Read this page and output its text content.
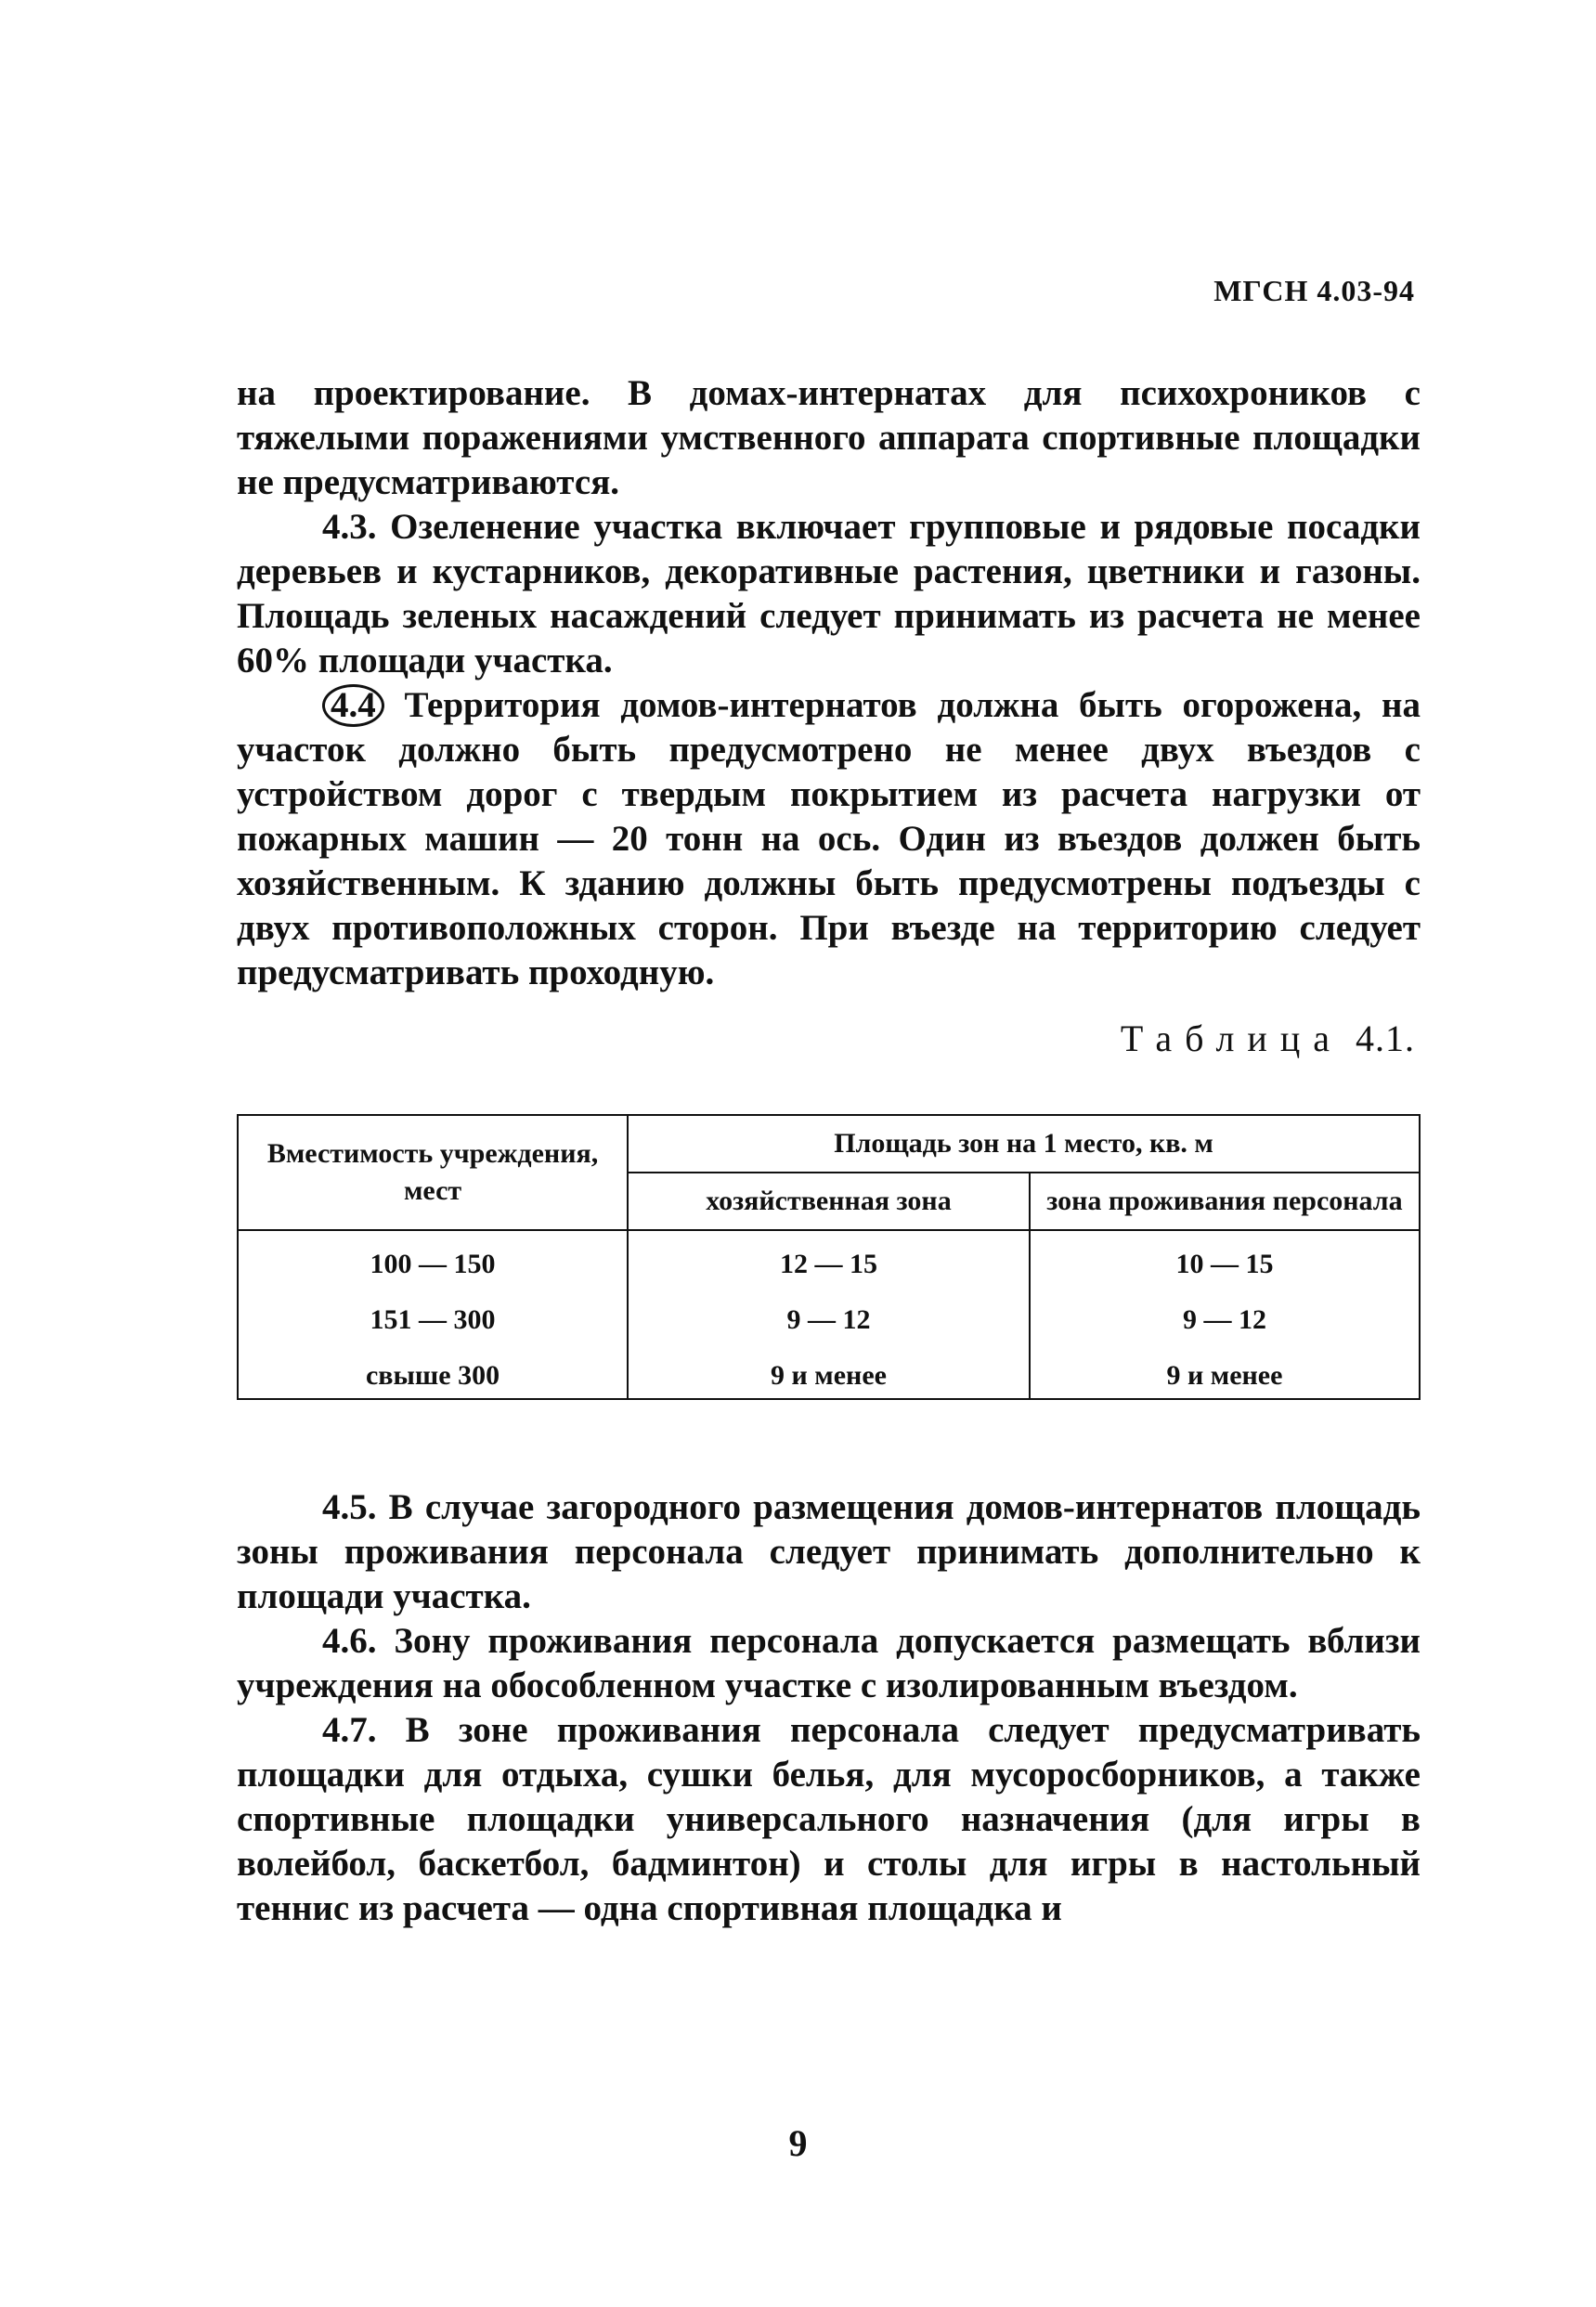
МГСН 4.03-94

на проектирование. В домах-интернатах для психохроников с тяжелыми поражениями умственного аппарата спортивные площадки не предусматриваются.

4.3. Озеленение участка включает групповые и рядовые посадки деревьев и кустарников, декоративные растения, цветники и газоны. Площадь зеленых насаждений следует принимать из расчета не менее 60% площади участка.

4.4 Территория домов-интернатов должна быть огорожена, на участок должно быть предусмотрено не менее двух въездов с устройством дорог с твердым покрытием из расчета нагрузки от пожарных машин — 20 тонн на ось. Один из въездов должен быть хозяйственным. К зданию должны быть предусмотрены подъезды с двух противоположных сторон. При въезде на территорию следует предусматривать проходную.

Таблица 4.1.
Вместимость учреждения, мест	Площадь зон на 1 место, кв. м	
	хозяйственная зона	зона проживания персонала
100 — 150	12 — 15	10 — 15
151 — 300	9 — 12	9 — 12
свыше 300	9 и менее	9 и менее

4.5. В случае загородного размещения домов-интернатов площадь зоны проживания персонала следует принимать дополнительно к площади участка.

4.6. Зону проживания персонала допускается размещать вблизи учреждения на обособленном участке с изолированным въездом.

4.7. В зоне проживания персонала следует предусматривать площадки для отдыха, сушки белья, для мусоросборников, а также спортивные площадки универсального назначения (для игры в волейбол, баскетбол, бадминтон) и столы для игры в настольный теннис из расчета — одна спортивная площадка и

9
